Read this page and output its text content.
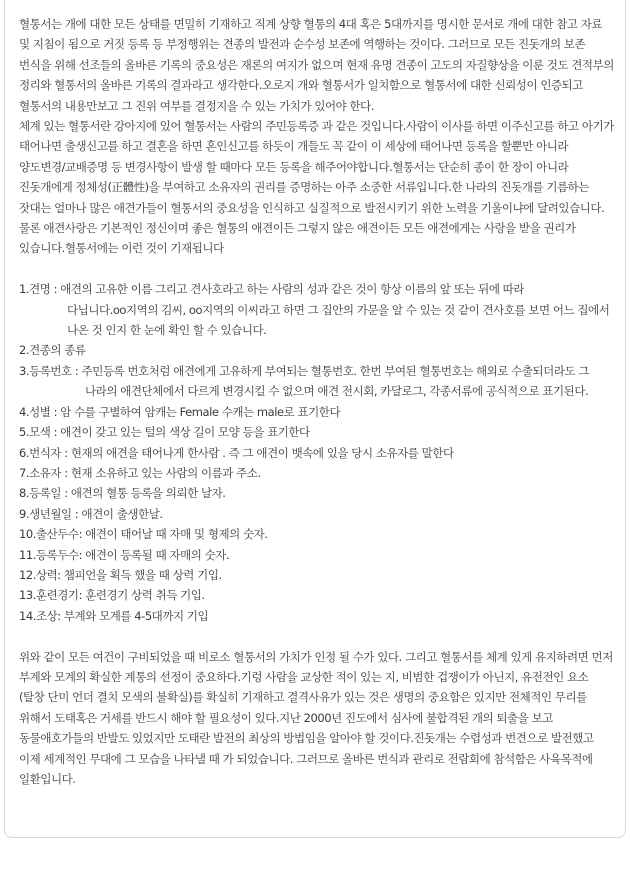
혈통서는 개에 대한 모든 상태를 면밀히 기재하고 직계 상향 혈통의 4대 혹은 5대까지를 명시한 문서로 개에 대한 참고 자료 및 지침이 됨으로 거짓 등록 등 부정행위는 견종의 발전과 순수성 보존에 역행하는 것이다. 그러므로 모든 진돗개의 보존 번식을 위해 선조들의 올바른 기록의 중요성은 재론의 여지가 없으며 현재 유명 견종이 고도의 자질향상을 이룬 것도 견적부의 정리와 혈통서의 올바른 기록의 결과라고 생각한다.오로지 개와 혈통서가 일치함으로 혈통서에 대한 신뢰성이 인증되고 혈통서의 내용만보고 그 진위 여부를 결정지을 수 있는 가치가 있어야 한다.

체계 있는 혈통서란 강아지에 있어 혈통서는 사람의 주민등록증 과 같은 것입니다.사람이 이사를 하면 이주신고를 하고 아기가 태어나면 출생신고를 하고 결혼을 하면 혼인신고를 하듯이 개들도 꼭 같이 이 세상에 태어나면 등록을 할뿐만 아니라 양도변경/교배증명 등 변경사항이 발생 할 때마다 모든 등록을 해주어야합니다.혈통서는 단순히 종이 한 장이 아니라 진돗개에게 정체성(正體性)을 부여하고 소유자의 권리를 증명하는 아주 소중한 서류입니다.한 나라의 진돗개를 기름하는 잣대는 얼마나 많은 애견가들이 혈통서의 중요성을 인식하고 실질적으로 발전시키기 위한 노력을 기울이냐에 달려있습니다. 물론 애견사랑은 기본적인 정신이며 좋은 혈통의 애견이든 그렇지 않은 애견이든 모든 애견에게는 사랑을 받을 권리가 있습니다.혈통서에는 이런 것이 기재됩니다

1.견명 : 애견의 고유한 이름 그리고 견사호라고 하는 사람의 성과 같은 것이 항상 이름의 앞 또는 뒤에 따라 다닙니다.oo지역의 김씨, oo지역의 이씨라고 하면 그 집안의 가문을 알 수 있는 것 같이 견사호를 보면 어느 집에서 나온 것 인지 한 눈에 확인 할 수 있습니다.

2.견종의 종류

3.등록번호 : 주민등록 번호처럼 애견에게 고유하게 부여되는 혈통번호. 한번 부여된 혈통번호는 해외로 수출되더라도 그 나라의 애견단체에서 다르게 변경시킬 수 없으며 애견 전시회, 카달로그, 각종서류에 공식적으로 표기된다.

4.성별 : 암 수를 구별하여 암캐는 Female 수캐는 male로 표기한다

5.모색 : 애견이 갖고 있는 털의 색상 길이 모양 등을 표기한다

6.번식자 : 현재의 애견을 태어나게 한사람 . 즉 그 애견이 뱃속에 있을 당시 소유자를 말한다

7.소유자 : 현재 소유하고 있는 사람의 이름과 주소.

8.등록일 : 애견의 혈통 등록을 의뢰한 날자.

9.생년월일 : 애견이 출생한날.

10.출산두수: 애견이 태어날 때 자매 및 형제의 숫자.

11.등록두수: 애견이 등록될 때 자매의 숫자.

12.상력: 챔피언을 획득 했을 때 상력 기입.

13.훈련경기: 훈련경기 상력 취득 기입.

14.조상: 부계와 모계를 4-5대까지 기입

위와 같이 모든 여건이 구비되었을 때 비로소 혈통서의 가치가 인정 될 수가 있다. 그리고 혈통서를 체계 있게 유지하려면 먼저 부계와 모계의 확실한 계통의 선정이 중요하다.기렁 사람을 교상한 적이 있는 지, 비범한 겁쟁이가 아닌지, 유전전인 요소 (탈창 단미 언더 결치 모색의 불확실)를 확실히 기재하고 결격사유가 있는 것은 생명의 중요함은 있지만 전체적인 무리를 위해서 도태혹은 거세를 반드시 해야 할 필요성이 있다.지난 2000년 진도에서 심사에 불합격된 개의 퇴출을 보고 동물애호가들의 반발도 있었지만 도태란 발전의 최상의 방법임을 알아야 할 것이다.진돗개는 수렵성과 번견으로 발전했고 이제 세계적인 무대에 그 모습을 나타낼 때 가 되었습니다. 그러므로 올바른 번식과 관리로 전람회에 참석함은 사육목적에 일환입니다.
